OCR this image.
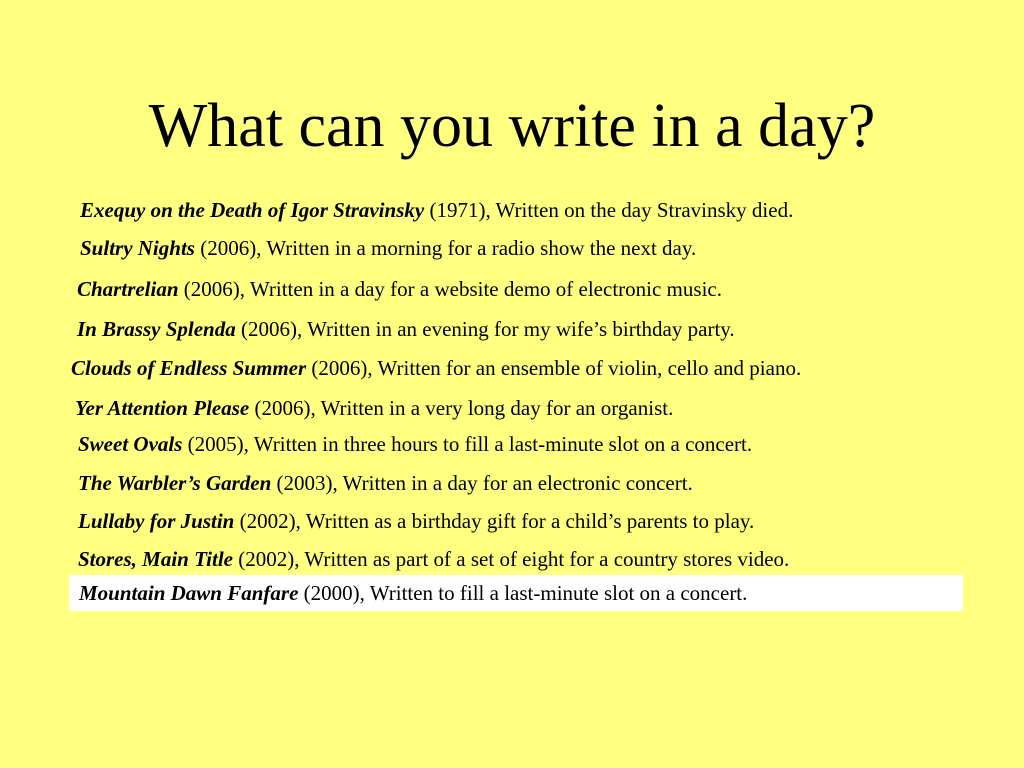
What can you write in a day?
Exequy on the Death of Igor Stravinsky (1971), Written on the day Stravinsky died.
Sultry Nights (2006), Written in a morning for a radio show the next day.
Chartrelian (2006), Written in a day for a website demo of electronic music.
In Brassy Splenda (2006), Written in an evening for my wife’s birthday party.
Clouds of Endless Summer (2006), Written for an ensemble of violin, cello and piano.
Yer Attention Please (2006), Written in a very long day for an organist.
Sweet Ovals (2005), Written in three hours to fill a last-minute slot on a concert.
The Warbler’s Garden (2003), Written in a day for an electronic concert.
Lullaby for Justin (2002), Written as a birthday gift for a child’s parents to play.
Stores, Main Title (2002), Written as part of a set of eight for a country stores video.
Mountain Dawn Fanfare (2000), Written to fill a last-minute slot on a concert.
